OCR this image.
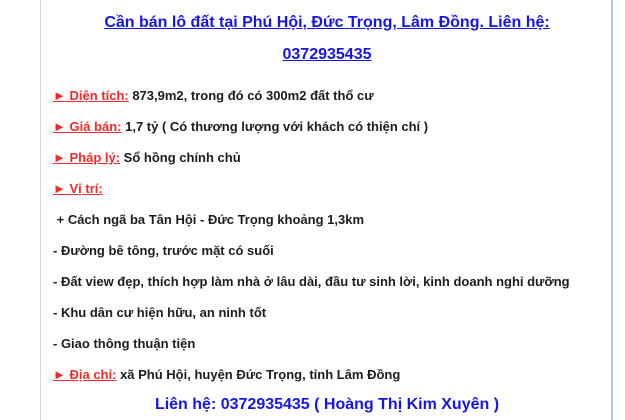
Cần bán lô đất tại Phú Hội, Đức Trọng, Lâm Đồng. Liên hệ:
0372935435

► Diện tích: 873,9m2, trong đó có 300m2 đất thổ cư

► Giá bán: 1,7 tỷ ( Có thương lượng với khách có thiện chí )

► Pháp lý: Sổ hồng chính chủ

► Vị trí:

+ Cách ngã ba Tân Hội - Đức Trọng khoảng 1,3km

- Đường bê tông, trước mặt có suối

- Đất view đẹp, thích hợp làm nhà ở lâu dài, đầu tư sinh lời, kinh doanh nghỉ dưỡng

- Khu dân cư hiện hữu, an ninh tốt

- Giao thông thuận tiện

► Địa chỉ: xã Phú Hội, huyện Đức Trọng, tỉnh Lâm Đồng

Liên hệ: 0372935435 ( Hoàng Thị Kim Xuyên )
